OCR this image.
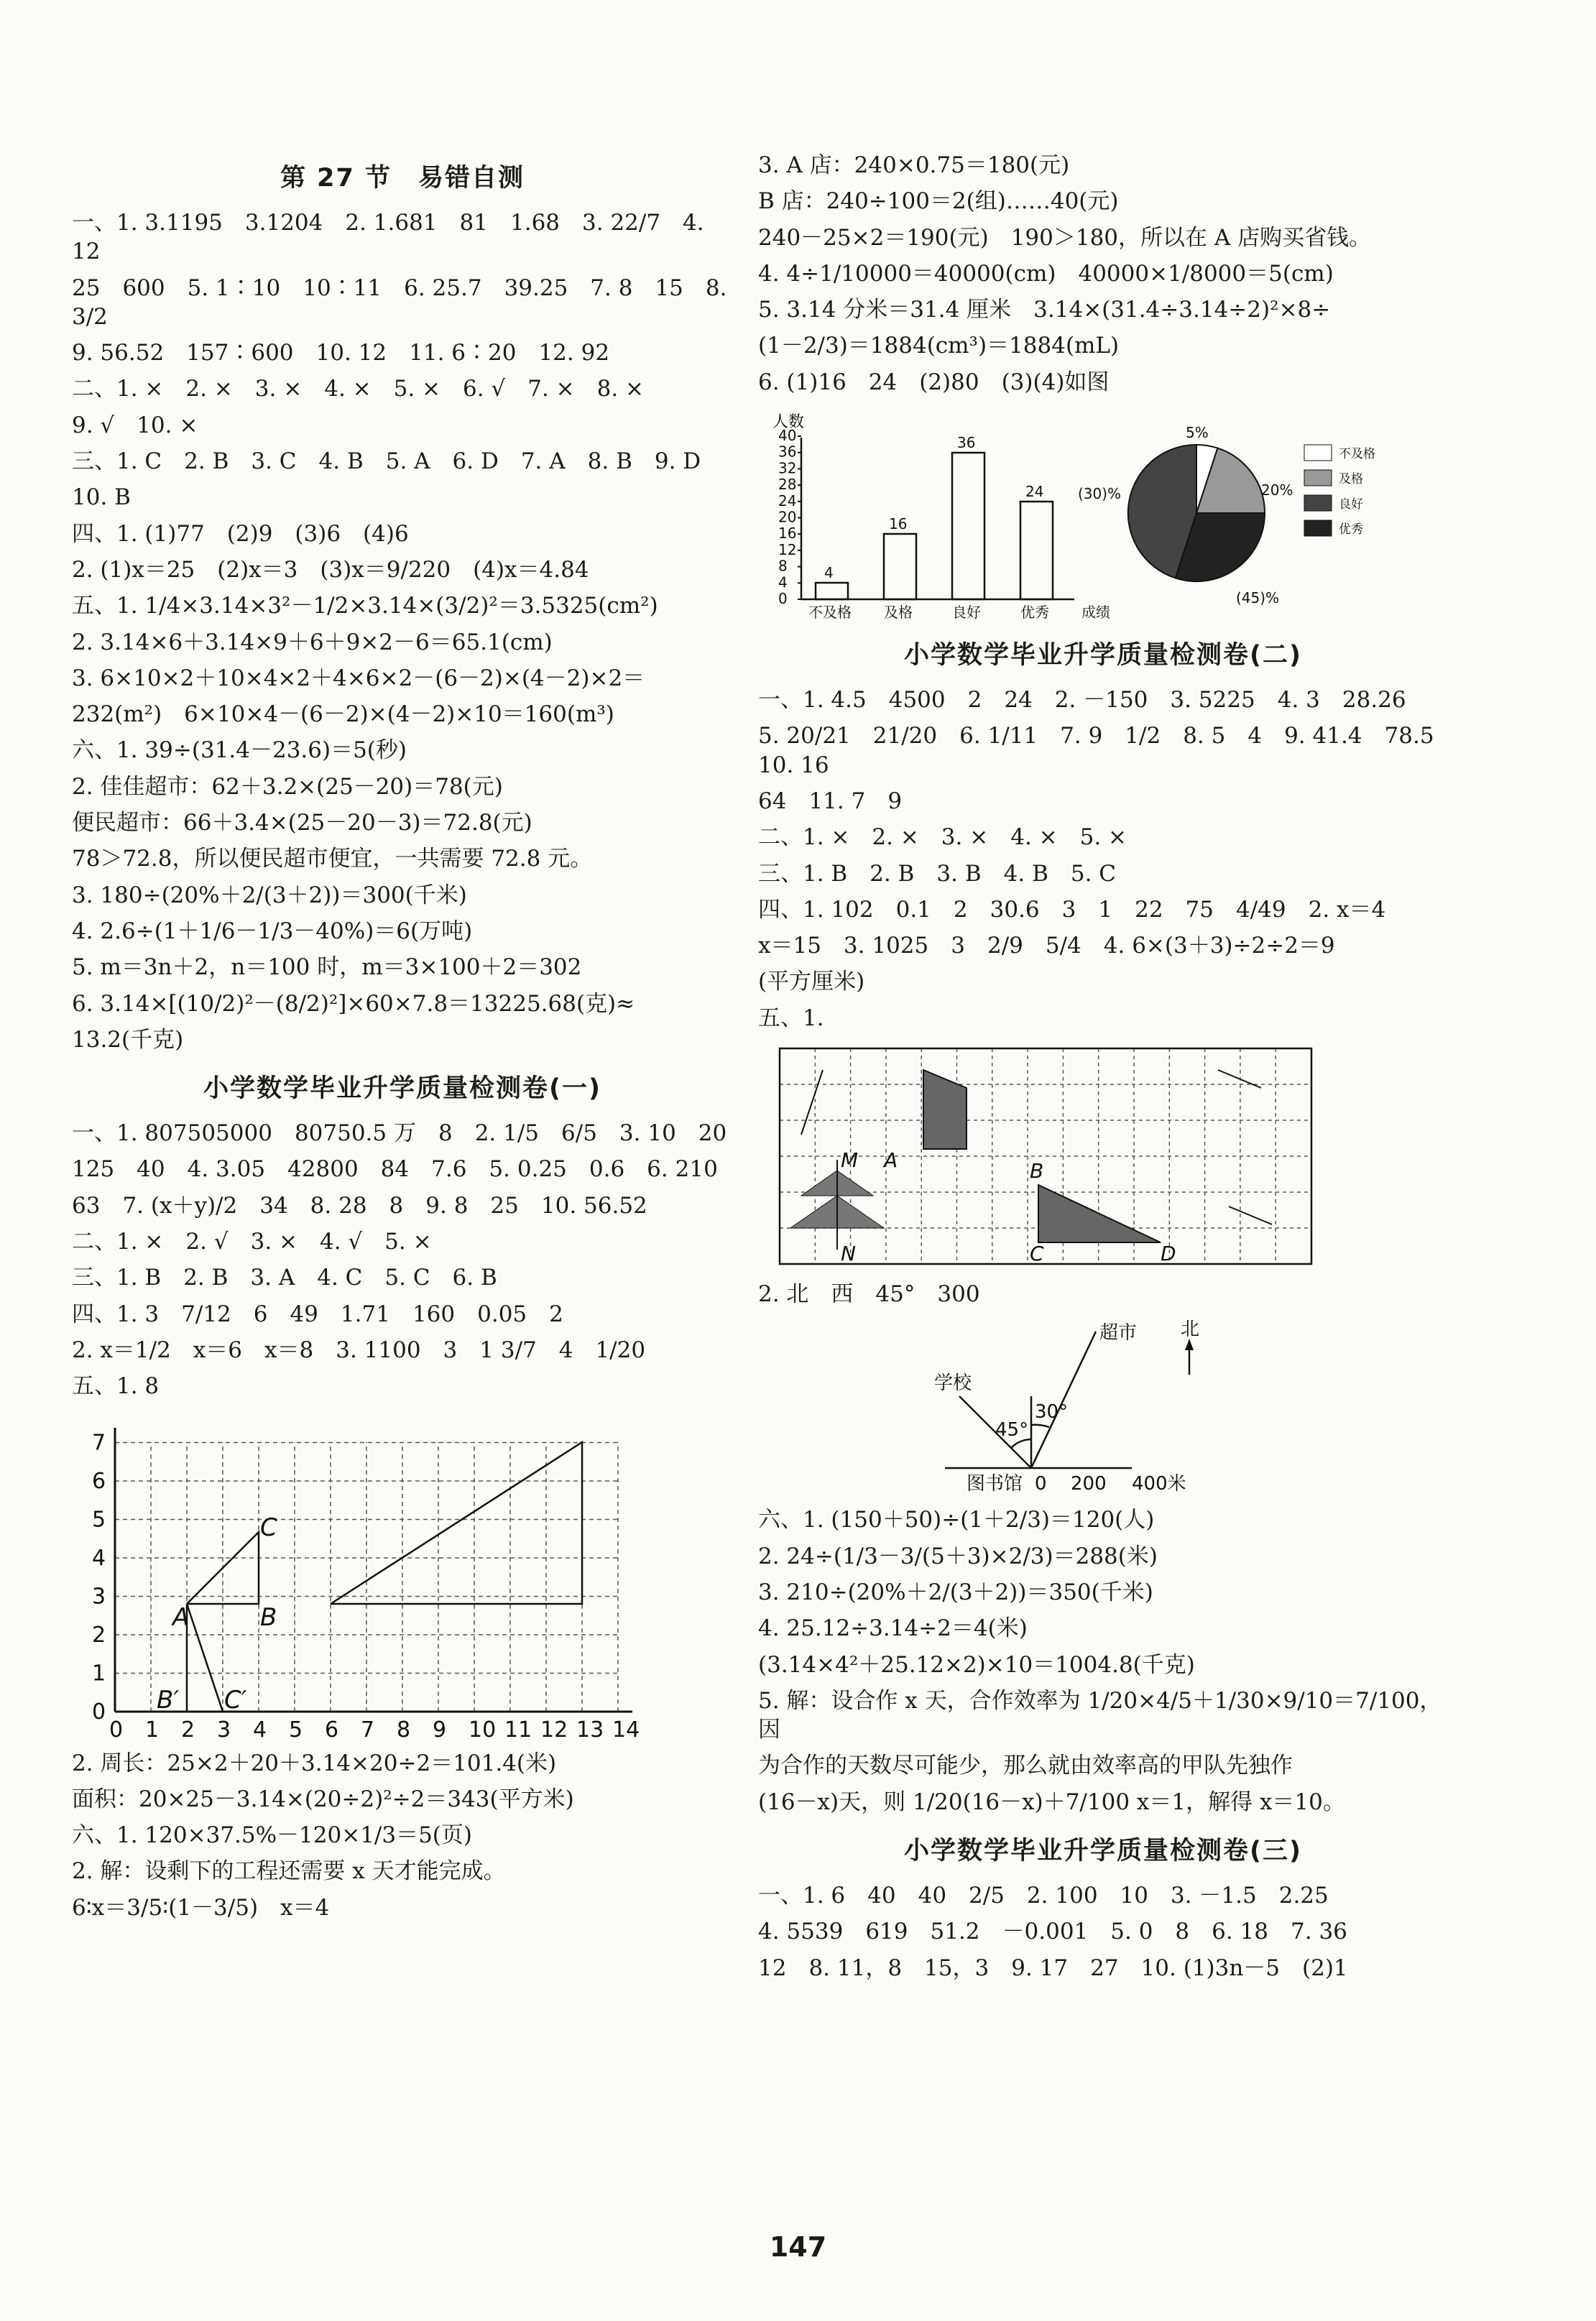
第 27 节　易错自测
一、1. 3.1195　3.1204　2. 1.681　81　1.68　3. 22/7　4. 12
25　600　5. 1∶10　10∶11　6. 25.7　39.25　7. 8　15　8. 3/2
9. 56.52　157∶600　10. 12　11. 6∶20　12. 92
二、1. ×　2. ×　3. ×　4. ×　5. ×　6. √　7. ×　8. ×
9. √　10. ×
三、1. C　2. B　3. C　4. B　5. A　6. D　7. A　8. B　9. D
10. B
四、1. (1)77　(2)9　(3)6　(4)6
2. (1)x＝25　(2)x＝3　(3)x＝9/220　(4)x＝4.84
五、1. 1/4×3.14×3²－1/2×3.14×(3/2)²＝3.5325(cm²)
2. 3.14×6＋3.14×9＋6＋9×2－6＝65.1(cm)
3. 6×10×2＋10×4×2＋4×6×2－(6－2)×(4－2)×2＝
232(m²)　6×10×4－(6－2)×(4－2)×10＝160(m³)
六、1. 39÷(31.4－23.6)＝5(秒)
2. 佳佳超市：62＋3.2×(25－20)＝78(元)
便民超市：66＋3.4×(25－20－3)＝72.8(元)
78＞72.8，所以便民超市便宜，一共需要 72.8 元。
3. 180÷(20%＋2/(3＋2))＝300(千米)
4. 2.6÷(1＋1/6－1/3－40%)＝6(万吨)
5. m＝3n＋2，n＝100 时，m＝3×100＋2＝302
6. 3.14×[(10/2)²－(8/2)²]×60×7.8＝13225.68(克)≈
13.2(千克)
小学数学毕业升学质量检测卷(一)
一、1. 807505000　80750.5 万　8　2. 1/5　6/5　3. 10　20
125　40　4. 3.05　42800　84　7.6　5. 0.25　0.6　6. 210
63　7. (x＋y)/2　34　8. 28　8　9. 8　25　10. 56.52
二、1. ×　2. √　3. ×　4. √　5. ×
三、1. B　2. B　3. A　4. C　5. C　6. B
四、1. 3　7/12　6　49　1.71　160　0.05　2
2. x＝1/2　x＝6　x＝8　3. 1100　3　1 3/7　4　1/20
五、1. 8
0 1 2 3 4 5 6 7 8 9 10 11 12 13 14
0
1
2
3
4
5
6
7
A	B
C
B′ C′
2. 周长：25×2＋20＋3.14×20÷2＝101.4(米)
面积：20×25－3.14×(20÷2)²÷2＝343(平方米)
六、1. 120×37.5%－120×1/3＝5(页)
2. 解：设剩下的工程还需要 x 天才能完成。
6∶x＝3/5∶(1－3/5)　x＝4
3. A 店：240×0.75＝180(元)
B 店：240÷100＝2(组)……40(元)
240－25×2＝190(元)　190＞180，所以在 A 店购买省钱。
4. 4÷1/10000＝40000(cm)　40000×1/8000＝5(cm)
5. 3.14 分米＝31.4 厘米　3.14×(31.4÷3.14÷2)²×8÷
(1－2/3)＝1884(cm³)＝1884(mL)
6. (1)16　24　(2)80　(3)(4)如图
人数
0
4
8
12
16
20
24
28
32
36
40
4
16
36
24
不及格 及格	良好	优秀 成绩
5%
20%
(45)%
(30)%
不及格
及格
良好
优秀
小学数学毕业升学质量检测卷(二)
一、1. 4.5　4500　2　24　2. －150　3. 5225　4. 3　28.26
5. 20/21　21/20　6. 1/11　7. 9　1/2　8. 5　4　9. 41.4　78.5　10. 16
64　11. 7　9
二、1. ×　2. ×　3. ×　4. ×　5. ×
三、1. B　2. B　3. B　4. B　5. C
四、1. 102　0.1　2　30.6　3　1　22　75　4/49　2. x＝4
x＝15　3. 1025　3　2/9　5/4　4. 6×(3＋3)÷2÷2＝9
(平方厘米)
五、1.
M A
N
B
C	D
2. 北　西　45°　300
超市 北
学校
30°
45°
图书馆 0 200 400米
六、1. (150＋50)÷(1＋2/3)＝120(人)
2. 24÷(1/3－3/(5＋3)×2/3)＝288(米)
3. 210÷(20%＋2/(3＋2))＝350(千米)
4. 25.12÷3.14÷2＝4(米)
(3.14×4²＋25.12×2)×10＝1004.8(千克)
5. 解：设合作 x 天，合作效率为 1/20×4/5＋1/30×9/10＝7/100，因
为合作的天数尽可能少，那么就由效率高的甲队先独作
(16－x)天，则 1/20(16－x)＋7/100 x＝1，解得 x＝10。
小学数学毕业升学质量检测卷(三)
一、1. 6　40　40　2/5　2. 100　10　3. －1.5　2.25
4. 5539　619　51.2　－0.001　5. 0　8　6. 18　7. 36
12　8. 11，8　15，3　9. 17　27　10. (1)3n－5　(2)1
147
